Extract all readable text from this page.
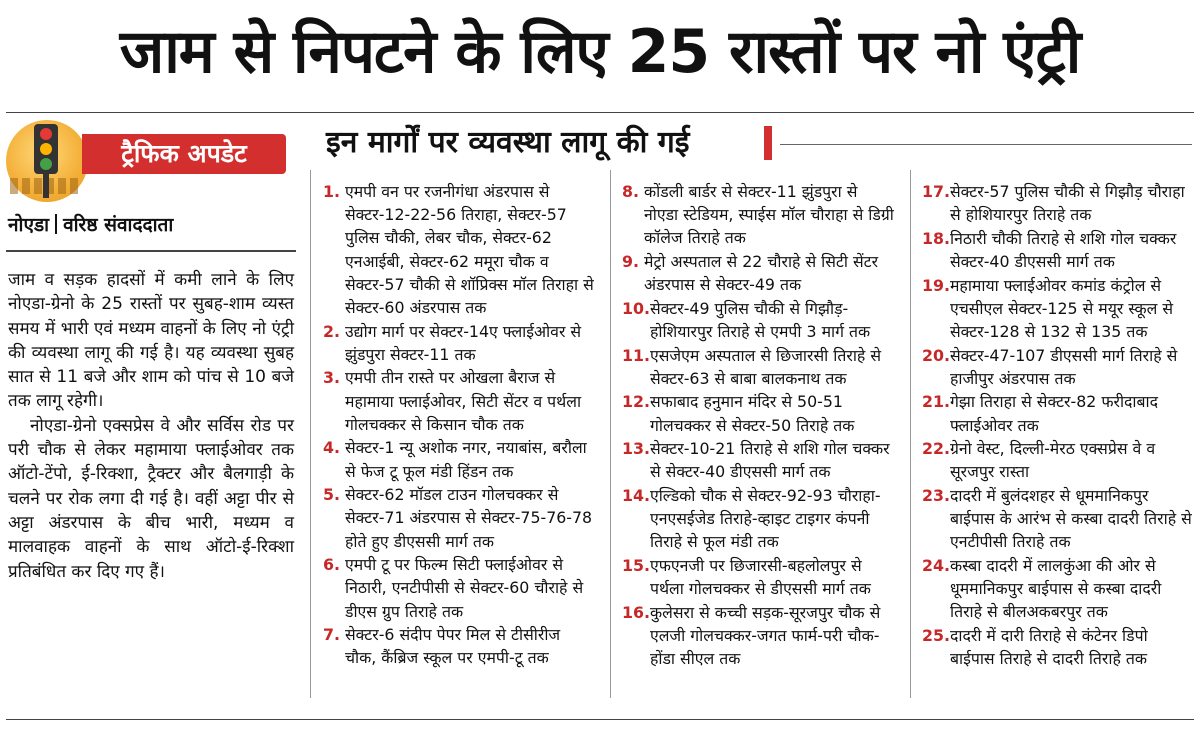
जाम से निपटने के लिए 25 रास्तों पर नो एंट्री
ट्रैफिक अपडेट
नोएडा वरिष्ठ संवाददाता

जाम व सड़क हादसों में कमी लाने के लिए नोएडा-ग्रेनो के 25 रास्तों पर सुबह-शाम व्यस्त समय में भारी एवं मध्यम वाहनों के लिए नो एंट्री की व्यवस्था लागू की गई है। यह व्यवस्था सुबह सात से 11 बजे और शाम को पांच से 10 बजे तक लागू रहेगी।

नोएडा-ग्रेनो एक्सप्रेस वे और सर्विस रोड पर परी चौक से लेकर महामाया फ्लाईओवर तक ऑटो-टेंपो, ई-रिक्शा, ट्रैक्टर और बैलगाड़ी के चलने पर रोक लगा दी गई है। वहीं अट्टा पीर से अट्टा अंडरपास के बीच भारी, मध्यम व मालवाहक वाहनों के साथ ऑटो-ई-रिक्शा प्रतिबंधित कर दिए गए हैं।

इन मार्गों पर व्यवस्था लागू की गई
1. एमपी वन पर रजनीगंधा अंडरपास से सेक्टर-12-22-56 तिराहा, सेक्टर-57 पुलिस चौकी, लेबर चौक, सेक्टर-62 एनआईबी, सेक्टर-62 ममूरा चौक व सेक्टर-57 चौकी से शॉप्रिक्स मॉल तिराहा से सेक्टर-60 अंडरपास तक
2. उद्योग मार्ग पर सेक्टर-14ए फ्लाईओवर से झुंडपुरा सेक्टर-11 तक
3. एमपी तीन रास्ते पर ओखला बैराज से महामाया फ्लाईओवर, सिटी सेंटर व पर्थला गोलचक्कर से किसान चौक तक
4. सेक्टर-1 न्यू अशोक नगर, नयाबांस, बरौला से फेज टू फूल मंडी हिंडन तक
5. सेक्टर-62 मॉडल टाउन गोलचक्कर से सेक्टर-71 अंडरपास से सेक्टर-75-76-78 होते हुए डीएससी मार्ग तक
6. एमपी टू पर फिल्म सिटी फ्लाईओवर से निठारी, एनटीपीसी से सेक्टर-60 चौराहे से डीएस ग्रुप तिराहे तक
7. सेक्टर-6 संदीप पेपर मिल से टीसीरीज चौक, कैंब्रिज स्कूल पर एमपी-टू तक
8. कोंडली बार्डर से सेक्टर-11 झुंडपुरा से नोएडा स्टेडियम, स्पाईस मॉल चौराहा से डिग्री कॉलेज तिराहे तक
9. मेट्रो अस्पताल से 22 चौराहे से सिटी सेंटर अंडरपास से सेक्टर-49 तक
10. सेक्टर-49 पुलिस चौकी से गिझौड़-होशियारपुर तिराहे से एमपी 3 मार्ग तक
11. एसजेएम अस्पताल से छिजारसी तिराहे से सेक्टर-63 से बाबा बालकनाथ तक
12. सफाबाद हनुमान मंदिर से 50-51 गोलचक्कर से सेक्टर-50 तिराहे तक
13. सेक्टर-10-21 तिराहे से शशि गोल चक्कर से सेक्टर-40 डीएससी मार्ग तक
14. एल्डिको चौक से सेक्टर-92-93 चौराहा-एनएसईजेड तिराहे-व्हाइट टाइगर कंपनी तिराहे से फूल मंडी तक
15. एफएनजी पर छिजारसी-बहलोलपुर से पर्थला गोलचक्कर से डीएससी मार्ग तक
16. कुलेसरा से कच्ची सड़क-सूरजपुर चौक से एलजी गोलचक्कर-जगत फार्म-परी चौक-होंडा सीएल तक
17. सेक्टर-57 पुलिस चौकी से गिझौड़ चौराहा से होशियारपुर तिराहे तक
18. निठारी चौकी तिराहे से शशि गोल चक्कर सेक्टर-40 डीएससी मार्ग तक
19. महामाया फ्लाईओवर कमांड कंट्रोल से एचसीएल सेक्टर-125 से मयूर स्कूल से सेक्टर-128 से 132 से 135 तक
20. सेक्टर-47-107 डीएससी मार्ग तिराहे से हाजीपुर अंडरपास तक
21. गेझा तिराहा से सेक्टर-82 फरीदाबाद फ्लाईओवर तक
22. ग्रेनो वेस्ट, दिल्ली-मेरठ एक्सप्रेस वे व सूरजपुर रास्ता
23. दादरी में बुलंदशहर से धूममानिकपुर बाईपास के आरंभ से कस्बा दादरी तिराहे से एनटीपीसी तिराहे तक
24. कस्बा दादरी में लालकुंआ की ओर से धूममानिकपुर बाईपास से कस्बा दादरी तिराहे से बीलअकबरपुर तक
25. दादरी में दारी तिराहे से कंटेनर डिपो बाईपास तिराहे से दादरी तिराहे तक
